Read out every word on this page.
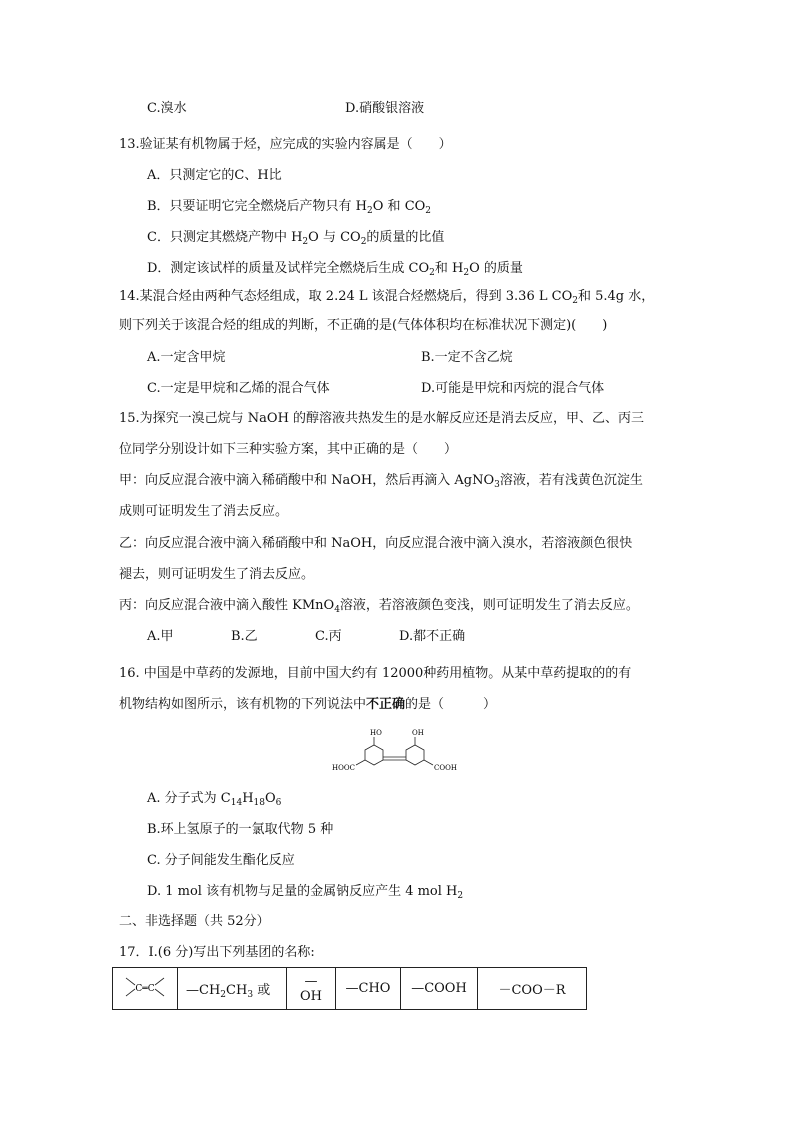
C.溴水	D.硝酸银溶液
13.验证某有机物属于烃，应完成的实验内容属是（　　）
A．只测定它的C、H比
B．只要证明它完全燃烧后产物只有 $H_2O$ 和 $CO_2$
C．只测定其燃烧产物中 $H_2O$ 与 $CO_2$的质量的比值
D．测定该试样的质量及试样完全燃烧后生成 $CO_2$和 $H_2O$ 的质量
14.某混合烃由两种气态烃组成，取 2.24 L 该混合烃燃烧后，得到 3.36 L $CO_2$和 5.4g 水，
则下列关于该混合烃的组成的判断，不正确的是(气体体积均在标准状况下测定)(　　)
A.一定含甲烷	B.一定不含乙烷
C.一定是甲烷和乙烯的混合气体	D.可能是甲烷和丙烷的混合气体
15.为探究一溴己烷与 NaOH 的醇溶液共热发生的是水解反应还是消去反应，甲、乙、丙三
位同学分别设计如下三种实验方案，其中正确的是（　　）
甲：向反应混合液中滴入稀硝酸中和 NaOH，然后再滴入 AgNO$_3$溶液，若有浅黄色沉淀生
成则可证明发生了消去反应。
乙：向反应混合液中滴入稀硝酸中和 NaOH，向反应混合液中滴入溴水，若溶液颜色很快
褪去，则可证明发生了消去反应。
丙：向反应混合液中滴入酸性 KMnO$_4$溶液，若溶液颜色变浅，则可证明发生了消去反应。
A.甲	B.乙	C.丙	D.都不正确
16. 中国是中草药的发源地，目前中国大约有 12000种药用植物。从某中草药提取的的有
机物结构如图所示，该有机物的下列说法中不正确的是（　　　）
HO	OH
HOOC	COOH
A. 分子式为 $C_{14}H_{18}O_6$
B.环上氢原子的一氯取代物 5 种
C. 分子间能发生酯化反应
D. 1 mol 该有机物与足量的金属钠反应产生 4 mol $H_2$
二、非选择题（共 52分）
17．Ⅰ.(6 分)写出下列基团的名称:
C═C	$—CH_2CH_3$ 或	—OH	—CHO	—COOH	－COO－R
